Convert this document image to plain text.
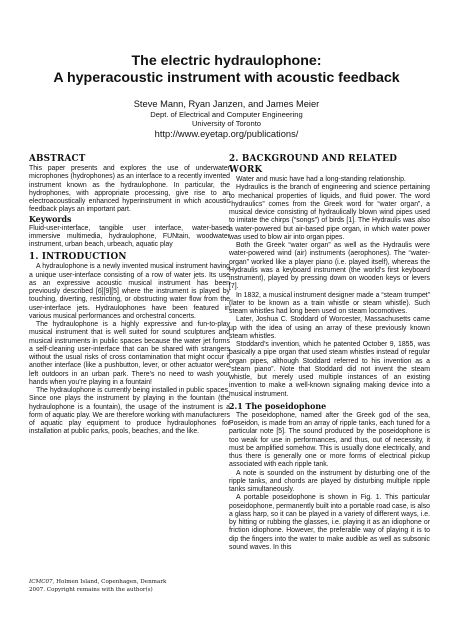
The electric hydraulophone:
A hyperacoustic instrument with acoustic feedback
Steve Mann, Ryan Janzen, and James Meier
Dept. of Electrical and Computer Engineering
University of Toronto
http://www.eyetap.org/publications/
ABSTRACT

This paper presents and explores the use of underwater microphones (hydrophones) as an interface to a recently invented instrument known as the hydraulophone. In particular, the hydrophones, with appropriate processing, give rise to an electroacoustically enhanced hyperinstrument in which acoustic feedback plays an important part.

Keywords

Fluid-user-interface, tangible user interface, water-based immersive multimedia, hydraulophone, FUNtain, woodwater instrument, urban beach, urbeach, aquatic play

1. INTRODUCTION

A hydraulophone is a newly invented musical instrument having a unique user-interface consisting of a row of water jets. Its use as an expressive acoustic musical instrument has been previously described [6][9][5] where the instrument is played by touching, diverting, restricting, or obstructing water flow from the user-interface jets. Hydraulophones have been featured in various musical performances and orchestral concerts.

The hydraulophone is a highly expressive and fun-to-play musical instrument that is well suited for sound sculptures and musical instruments in public spaces because the water jet forms a self-cleaning user-interface that can be shared with strangers without the usual risks of cross contamination that might occur if another interface (like a pushbutton, lever, or other actuator were left outdoors in an urban park. There’s no need to wash your hands when you’re playing in a fountain!

The hydraulophone is currently being installed in public spaces. Since one plays the instrument by playing in the fountain (the hydraulophone is a fountain), the usage of the instrument is a form of aquatic play. We are therefore working with manufacturers of aquatic play equipment to produce hydraulophones for installation at public parks, pools, beaches, and the like.

ICMC07, Holmen Island, Copenhagen, Denmark
2007. Copyright remains with the author(s)
2. BACKGROUND AND RELATED WORK

Water and music have had a long-standing relationship.

Hydraulics is the branch of engineering and science pertaining to mechanical properties of liquids, and fluid power. The word “hydraulics” comes from the Greek word for “water organ”, a musical device consisting of hydraulically blown wind pipes used to imitate the chirps (“songs”) of birds [1]. The Hydraulis was also a water-powered but air-based pipe organ, in which water power was used to blow air into organ pipes.

Both the Greek “water organ” as well as the Hydraulis were water-powered wind (air) instruments (aerophones). The “water-organ” worked like a player piano (i.e. played itself), whereas the Hydraulis was a keyboard instrument (the world’s first keyboard instrument), played by pressing down on wooden keys or levers [7].

In 1832, a musical instrument designer made a “steam trumpet” (later to be known as a train whistle or steam whistle). Such steam whistles had long been used on steam locomotives.

Later, Joshua C. Stoddard of Worcester, Massachusetts came up with the idea of using an array of these previously known steam whistles.

Stoddard’s invention, which he patented October 9, 1855, was basically a pipe organ that used steam whistles instead of regular organ pipes, although Stoddard referred to his invention as a “steam piano”. Note that Stoddard did not invent the steam whistle, but merely used multiple instances of an existing invention to make a well-known signaling making device into a musical instrument.

2.1 The poseidophone

The poseidophone, named after the Greek god of the sea, Poseidon, is made from an array of ripple tanks, each tuned for a particular note [5]. The sound produced by the poseidophone is too weak for use in performances, and thus, out of necessity, it must be amplified somehow. This is usually done electrically, and thus there is generally one or more forms of electrical pickup associated with each ripple tank.

A note is sounded on the instrument by disturbing one of the ripple tanks, and chords are played by disturbing multiple ripple tanks simultaneously.

A portable poseidophone is shown in Fig. 1. This particular poseidophone, permanently built into a portable road case, is also a glass harp, so it can be played in a variety of different ways, i.e. by hitting or rubbing the glasses, i.e. playing it as an idiophone or friction idiophone. However, the preferable way of playing it is to dip the fingers into the water to make audible as well as subsonic sound waves. In this
